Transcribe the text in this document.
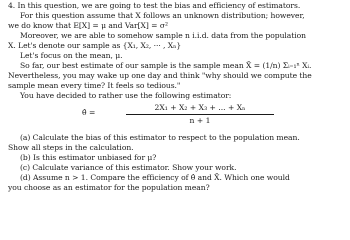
4. In this question, we are going to test the bias and efficiency of estimators.
For this question assume that X follows an unknown distribution; however,
we do know that E[X] = μ and Var[X] = σ²
Moreover, we are able to somehow sample n i.i.d. data from the population
X. Let's denote our sample as {X₁, X₂, ··· , Xₙ}
Let's focus on the mean, μ.
So far, our best estimate of our sample is the sample mean X̄ = (1/n) Σᵢ₌₁ⁿ Xᵢ.
Nevertheless, you may wake up one day and think "why should we compute the
sample mean every time? It feels so tedious."
You have decided to rather use the following estimator:
θ̂ =
2X₁ + X₂ + X₃ + ... + Xₙ
n + 1
(a) Calculate the bias of this estimator to respect to the population mean.
Show all steps in the calculation.
(b) Is this estimator unbiased for μ?
(c) Calculate variance of this estimator. Show your work.
(d) Assume n > 1. Compare the efficiency of θ̂ and X̄. Which one would
you choose as an estimator for the population mean?
